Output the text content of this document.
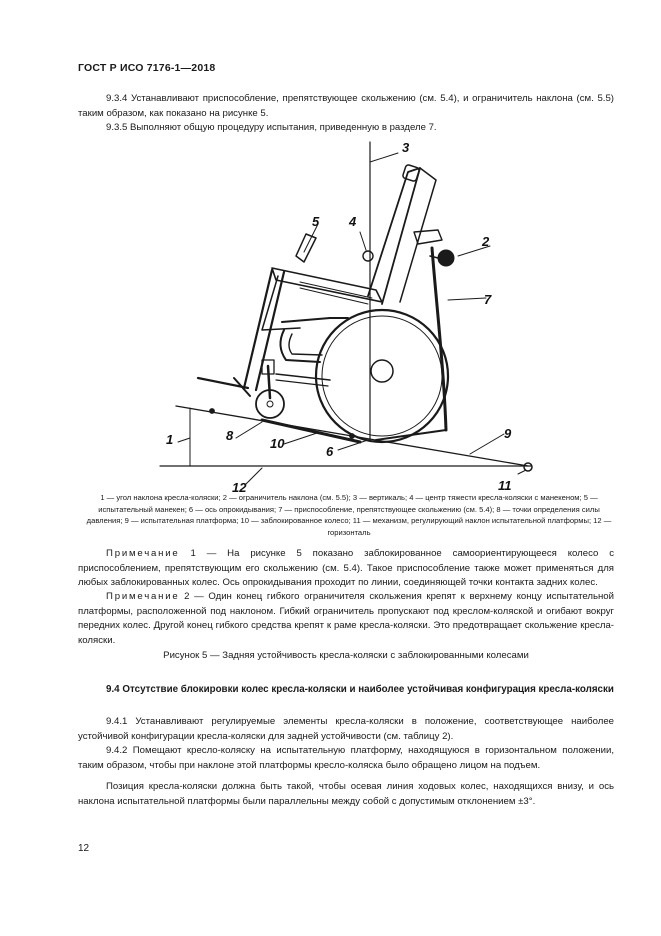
ГОСТ Р ИСО 7176-1—2018

9.3.4 Устанавливают приспособление, препятствующее скольжению (см. 5.4), и ограничитель наклона (см. 5.5) таким образом, как показано на рисунке 5.

9.3.5 Выполняют общую процедуру испытания, приведенную в разделе 7.

1
2
3
4
5
6
7
8	9
10
11
12

1 — угол наклона кресла-коляски; 2 — ограничитель наклона (см. 5.5); 3 — вертикаль; 4 — центр тяжести кресла-коляски с манекеном; 5 — испытательный манекен; 6 — ось опрокидывания; 7 — приспособление, препятствующее скольжению (см. 5.4); 8 — точки определения силы давления; 9 — испытательная платформа; 10 — заблокированное колесо; 11 — механизм, регулирующий наклон испытательной платформы; 12 — горизонталь

Примечание 1 — На рисунке 5 показано заблокированное самоориентирующееся колесо с приспособлением, препятствующим его скольжению (см. 5.4). Такое приспособление также может применяться для любых заблокированных колес. Ось опрокидывания проходит по линии, соединяющей точки контакта задних колес.

Примечание 2 — Один конец гибкого ограничителя скольжения крепят к верхнему концу испытательной платформы, расположенной под наклоном. Гибкий ограничитель пропускают под креслом-коляской и огибают вокруг передних колес. Другой конец гибкого средства крепят к раме кресла-коляски. Это предотвращает скольжение кресла-коляски.

Рисунок 5 — Задняя устойчивость кресла-коляски с заблокированными колесами
9.4 Отсутствие блокировки колес кресла-коляски и наиболее устойчивая конфигурация кресла-коляски

9.4.1 Устанавливают регулируемые элементы кресла-коляски в положение, соответствующее наиболее устойчивой конфигурации кресла-коляски для задней устойчивости (см. таблицу 2).

9.4.2 Помещают кресло-коляску на испытательную платформу, находящуюся в горизонтальном положении, таким образом, чтобы при наклоне этой платформы кресло-коляска было обращено лицом на подъем.

Позиция кресла-коляски должна быть такой, чтобы осевая линия ходовых колес, находящихся внизу, и ось наклона испытательной платформы были параллельны между собой с допустимым отклонением ±3°.

12
